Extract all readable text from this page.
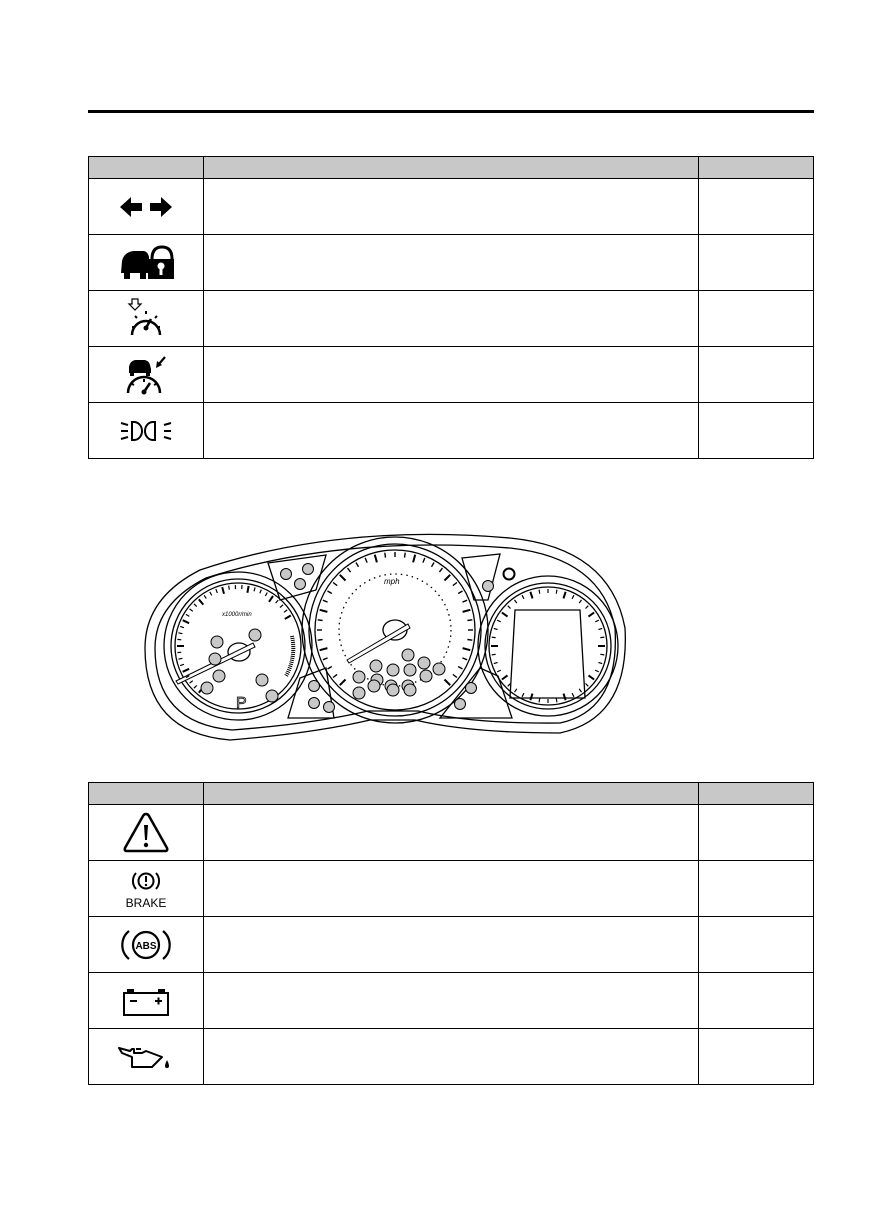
x1000r/min
mph
P

BRAKE		

ABS		
